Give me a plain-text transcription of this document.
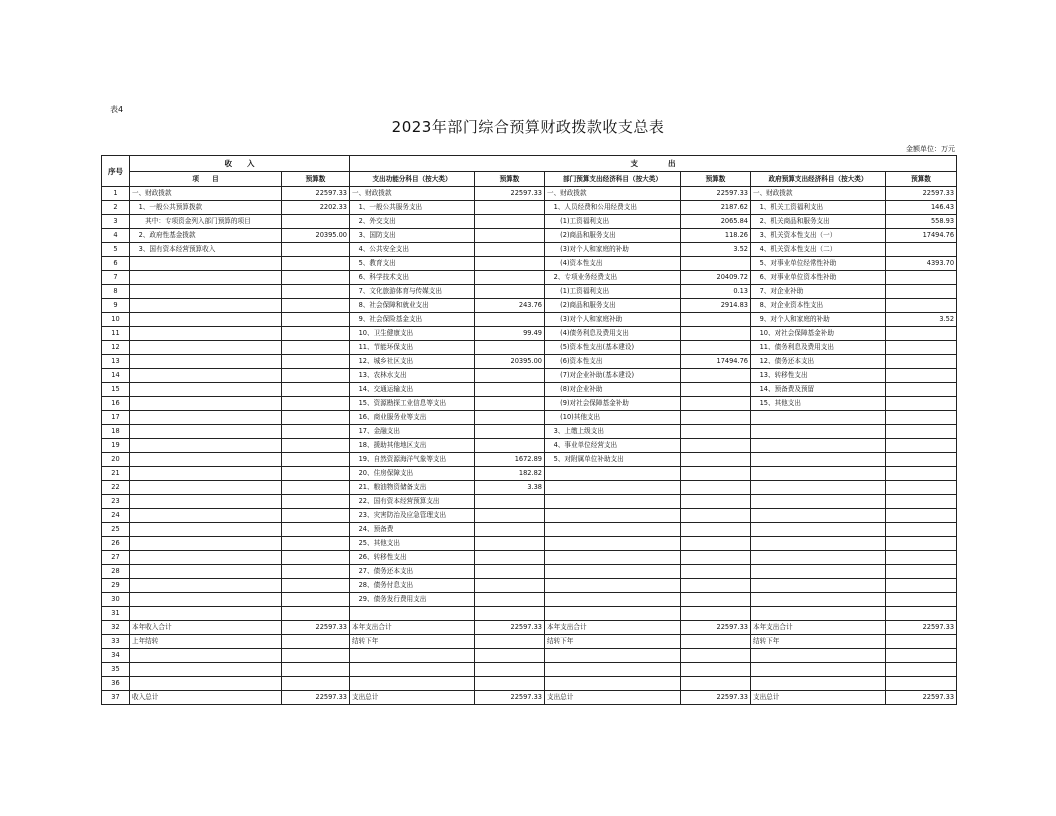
表4
2023年部门综合预算财政拨款收支总表
金额单位：万元
序号	收　　入		支　　　　出					
	项　　目	预算数	支出功能分科目（按大类）	预算数	部门预算支出经济科目（按大类）	预算数	政府预算支出经济科目（按大类）	预算数
1	一、财政拨款	22597.33	一、财政拨款	22597.33	一、财政拨款	22597.33	一、财政拨款	22597.33
2	　1、一般公共预算拨款	2202.33	　1、一般公共服务支出		　1、人员经费和公用经费支出	2187.62	　1、机关工资福利支出	146.43
3	　　其中：专项资金列入部门预算的项目		　2、外交支出		　　(1)工资福利支出	2065.84	　2、机关商品和服务支出	558.93
4	　2、政府性基金拨款	20395.00	　3、国防支出		　　(2)商品和服务支出	118.26	　3、机关资本性支出（一）	17494.76
5	　3、国有资本经营预算收入		　4、公共安全支出		　　(3)对个人和家庭的补助	3.52	　4、机关资本性支出（二）	
6			　5、教育支出		　　(4)资本性支出		　5、对事业单位经常性补助	4393.70
7			　6、科学技术支出		　2、专项业务经费支出	20409.72	　6、对事业单位资本性补助	
8			　7、文化旅游体育与传媒支出		　　(1)工资福利支出	0.13	　7、对企业补助	
9			　8、社会保障和就业支出	243.76	　　(2)商品和服务支出	2914.83	　8、对企业资本性支出	
10			　9、社会保险基金支出		　　(3)对个人和家庭补助		　9、对个人和家庭的补助	3.52
11			　10、卫生健康支出	99.49	　　(4)债务利息及费用支出		　10、对社会保障基金补助	
12			　11、节能环保支出		　　(5)资本性支出(基本建设)		　11、债务利息及费用支出	
13			　12、城乡社区支出	20395.00	　　(6)资本性支出	17494.76	　12、债务还本支出	
14			　13、农林水支出		　　(7)对企业补助(基本建设)		　13、转移性支出	
15			　14、交通运输支出		　　(8)对企业补助		　14、预备费及预留	
16			　15、资源勘探工业信息等支出		　　(9)对社会保障基金补助		　15、其他支出	
17			　16、商业服务业等支出		　　(10)其他支出			
18			　17、金融支出		　3、上缴上级支出			
19			　18、援助其他地区支出		　4、事业单位经营支出			
20			　19、自然资源海洋气象等支出	1672.89	　5、对附属单位补助支出			
21			　20、住房保障支出	182.82				
22			　21、粮油物资储备支出	3.38				
23			　22、国有资本经营预算支出					
24			　23、灾害防治及应急管理支出					
25			　24、预备费					
26			　25、其他支出					
27			　26、转移性支出					
28			　27、债务还本支出					
29			　28、债务付息支出					
30			　29、债务发行费用支出					
31								
32	本年收入合计	22597.33	本年支出合计	22597.33	本年支出合计	22597.33	本年支出合计	22597.33
33	上年结转		结转下年		结转下年		结转下年	
34								
35								
36								
37	收入总计	22597.33	支出总计	22597.33	支出总计	22597.33	支出总计	22597.33
